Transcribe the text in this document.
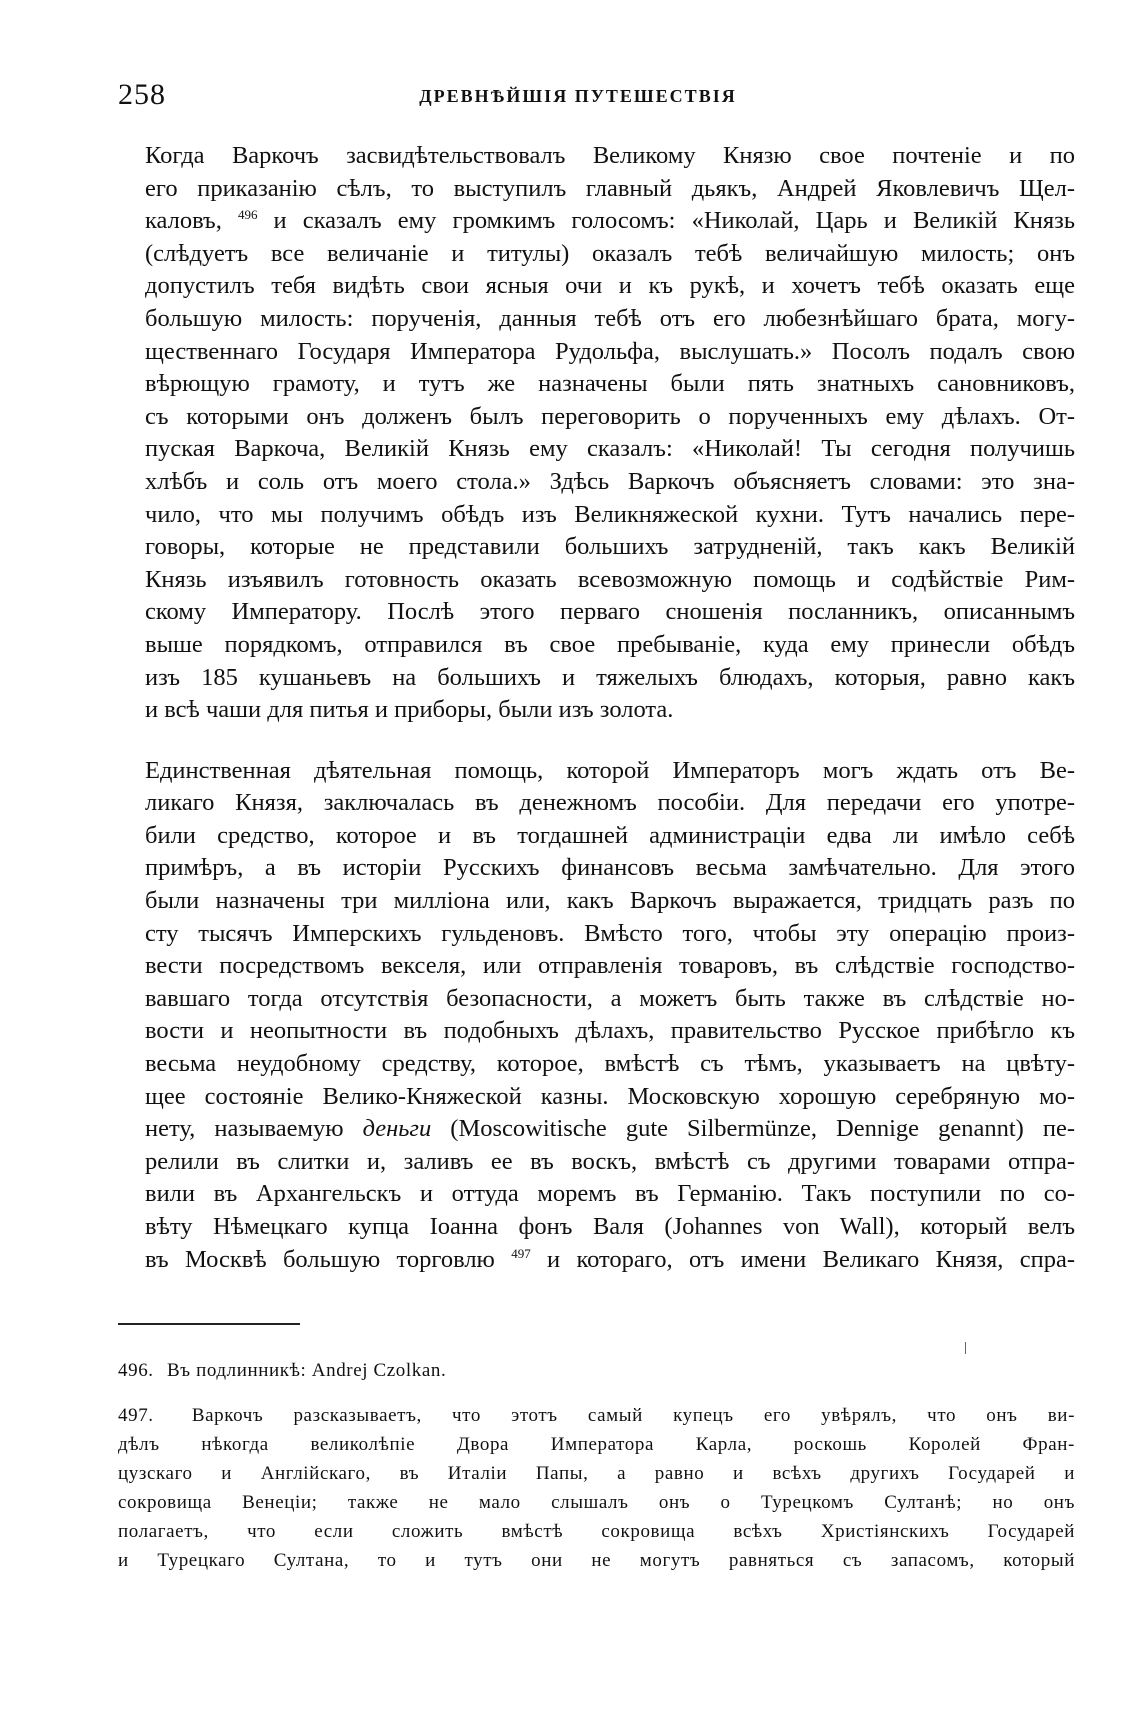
258	ДРЕВНѢЙШІЯ ПУТЕШЕСТВІЯ
Когда Варкочъ засвидѣтельствовалъ Великому Князю свое почтеніе и по
его приказанію сѣлъ, то выступилъ главный дьякъ, Андрей Яковлевичъ Щел-
каловъ, $^{496}$ и сказалъ ему громкимъ голосомъ: «Николай, Царь и Великій Князь
(слѣдуетъ все величаніе и титулы) оказалъ тебѣ величайшую милость; онъ
допустилъ тебя видѣть свои ясныя очи и къ рукѣ, и хочетъ тебѣ оказать еще
большую милость: порученія, данныя тебѣ отъ его любезнѣйшаго брата, могу-
щественнаго Государя Императора Рудольфа, выслушать.» Посолъ подалъ свою
вѣрющую грамоту, и тутъ же назначены были пять знатныхъ сановниковъ,
съ которыми онъ долженъ былъ переговорить о порученныхъ ему дѣлахъ. От-
пуская Варкоча, Великій Князь ему сказалъ: «Николай! Ты сегодня получишь
хлѣбъ и соль отъ моего стола.» Здѣсь Варкочъ объясняетъ словами: это зна-
чило, что мы получимъ обѣдъ изъ Великняжеской кухни. Тутъ начались пере-
говоры, которые не представили большихъ затрудненій, такъ какъ Великій
Князь изъявилъ готовность оказать всевозможную помощь и содѣйствіе Рим-
скому Императору. Послѣ этого перваго сношенія посланникъ, описаннымъ
выше порядкомъ, отправился въ свое пребываніе, куда ему принесли обѣдъ
изъ 185 кушаньевъ на большихъ и тяжелыхъ блюдахъ, которыя, равно какъ
и всѣ чаши для питья и приборы, были изъ золота.
Единственная дѣятельная помощь, которой Императоръ могъ ждать отъ Ве-
ликаго Князя, заключалась въ денежномъ пособіи. Для передачи его употре-
били средство, которое и въ тогдашней администраціи едва ли имѣло себѣ
примѣръ, а въ исторіи Русскихъ финансовъ весьма замѣчательно. Для этого
были назначены три милліона или, какъ Варкочъ выражается, тридцать разъ по
сту тысячъ Имперскихъ гульденовъ. Вмѣсто того, чтобы эту операцію произ-
вести посредствомъ векселя, или отправленія товаровъ, въ слѣдствіе господство-
вавшаго тогда отсутствія безопасности, а можетъ быть также въ слѣдствіе но-
вости и неопытности въ подобныхъ дѣлахъ, правительство Русское прибѣгло къ
весьма неудобному средству, которое, вмѣстѣ съ тѣмъ, указываетъ на цвѣту-
щее состояніе Велико-Княжеской казны. Московскую хорошую серебряную мо-
нету, называемую деньги (Moscowitische gute Silbermünze, Dennige genannt) пе-
релили въ слитки и, заливъ ее въ воскъ, вмѣстѣ съ другими товарами отпра-
вили въ Архангельскъ и оттуда моремъ въ Германію. Такъ поступили по со-
вѣту Нѣмецкаго купца Іоанна фонъ Валя (Johannes von Wall), который велъ
въ Москвѣ большую торговлю $^{497}$ и котораго, отъ имени Великаго Князя, спра-
496. Въ подлинникѣ: Andrej Czolkan.
497. Варкочъ разсказываетъ, что этотъ самый купецъ его увѣрялъ, что онъ ви-
дѣлъ нѣкогда великолѣпіе Двора Императора Карла, роскошь Королей Фран-
цузскаго и Англійскаго, въ Италіи Папы, а равно и всѣхъ другихъ Государей и
сокровища Венеціи; также не мало слышалъ онъ о Турецкомъ Султанѣ; но онъ
полагаетъ, что если сложить вмѣстѣ сокровища всѣхъ Христіянскихъ Государей
и Турецкаго Султана, то и тутъ они не могутъ равняться съ запасомъ, который
